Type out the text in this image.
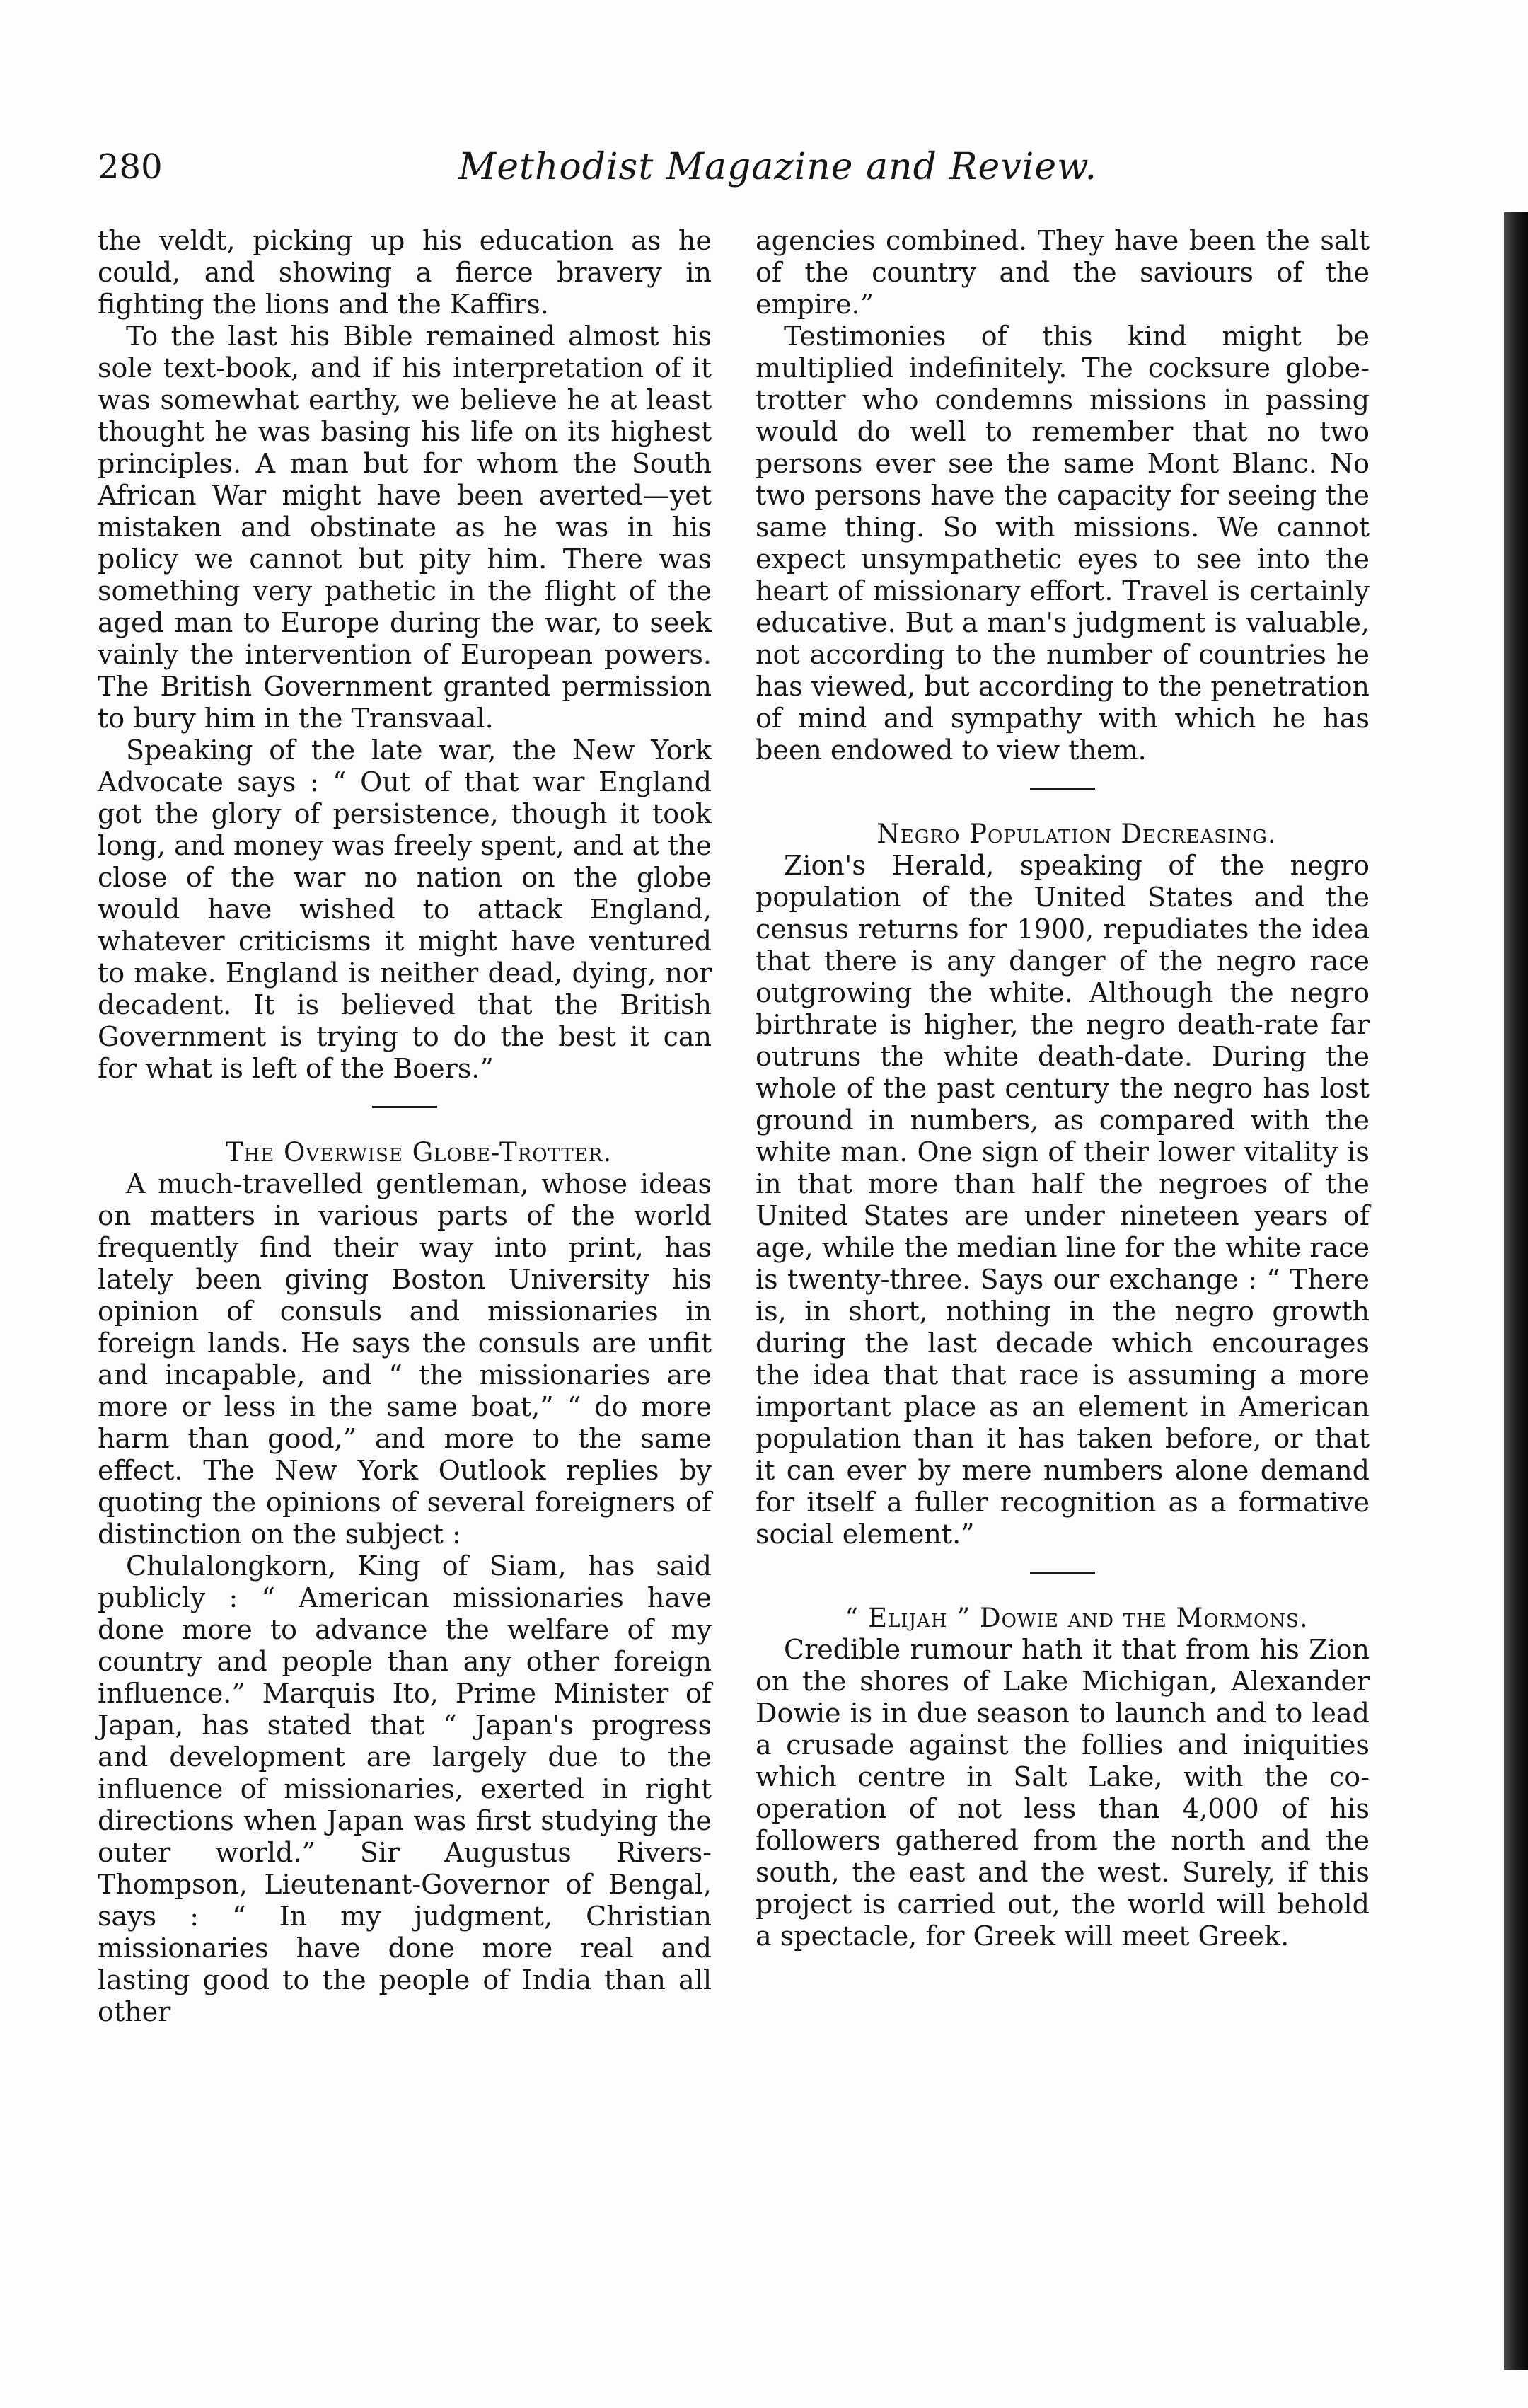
280	Methodist Magazine and Review.

the veldt, picking up his education as he could, and showing a fierce bravery in fighting the lions and the Kaffirs.

To the last his Bible remained almost his sole text-book, and if his interpretation of it was somewhat earthy, we believe he at least thought he was basing his life on its highest principles. A man but for whom the South African War might have been averted—yet mistaken and obstinate as he was in his policy we cannot but pity him. There was something very pathetic in the flight of the aged man to Europe during the war, to seek vainly the intervention of European powers. The British Government granted permission to bury him in the Transvaal.

Speaking of the late war, the New York Advocate says : “ Out of that war England got the glory of persistence, though it took long, and money was freely spent, and at the close of the war no nation on the globe would have wished to attack England, whatever criticisms it might have ventured to make. England is neither dead, dying, nor decadent. It is believed that the British Government is trying to do the best it can for what is left of the Boers.”

The Overwise Globe-Trotter.

A much-travelled gentleman, whose ideas on matters in various parts of the world frequently find their way into print, has lately been giving Boston University his opinion of consuls and missionaries in foreign lands. He says the consuls are unfit and incapable, and “ the missionaries are more or less in the same boat,” “ do more harm than good,” and more to the same effect. The New York Outlook replies by quoting the opinions of several foreigners of distinction on the subject :

Chulalongkorn, King of Siam, has said publicly : “ American missionaries have done more to advance the welfare of my country and people than any other foreign influence.” Marquis Ito, Prime Minister of Japan, has stated that “ Japan's progress and development are largely due to the influence of missionaries, exerted in right directions when Japan was first studying the outer world.” Sir Augustus Rivers-Thompson, Lieutenant-Governor of Bengal, says : “ In my judgment, Christian missionaries have done more real and lasting good to the people of India than all other

agencies combined. They have been the salt of the country and the saviours of the empire.”

Testimonies of this kind might be multiplied indefinitely. The cocksure globe-trotter who condemns missions in passing would do well to remember that no two persons ever see the same Mont Blanc. No two persons have the capacity for seeing the same thing. So with missions. We cannot expect unsympathetic eyes to see into the heart of missionary effort. Travel is certainly educative. But a man's judgment is valuable, not according to the number of countries he has viewed, but according to the penetration of mind and sympathy with which he has been endowed to view them.

Negro Population Decreasing.

Zion's Herald, speaking of the negro population of the United States and the census returns for 1900, repudiates the idea that there is any danger of the negro race outgrowing the white. Although the negro birthrate is higher, the negro death-rate far outruns the white death-date. During the whole of the past century the negro has lost ground in numbers, as compared with the white man. One sign of their lower vitality is in that more than half the negroes of the United States are under nineteen years of age, while the median line for the white race is twenty-three. Says our exchange : “ There is, in short, nothing in the negro growth during the last decade which encourages the idea that that race is assuming a more important place as an element in American population than it has taken before, or that it can ever by mere numbers alone demand for itself a fuller recognition as a formative social element.”

“ Elijah ” Dowie and the Mormons.

Credible rumour hath it that from his Zion on the shores of Lake Michigan, Alexander Dowie is in due season to launch and to lead a crusade against the follies and iniquities which centre in Salt Lake, with the co-operation of not less than 4,000 of his followers gathered from the north and the south, the east and the west. Surely, if this project is carried out, the world will behold a spectacle, for Greek will meet Greek.
